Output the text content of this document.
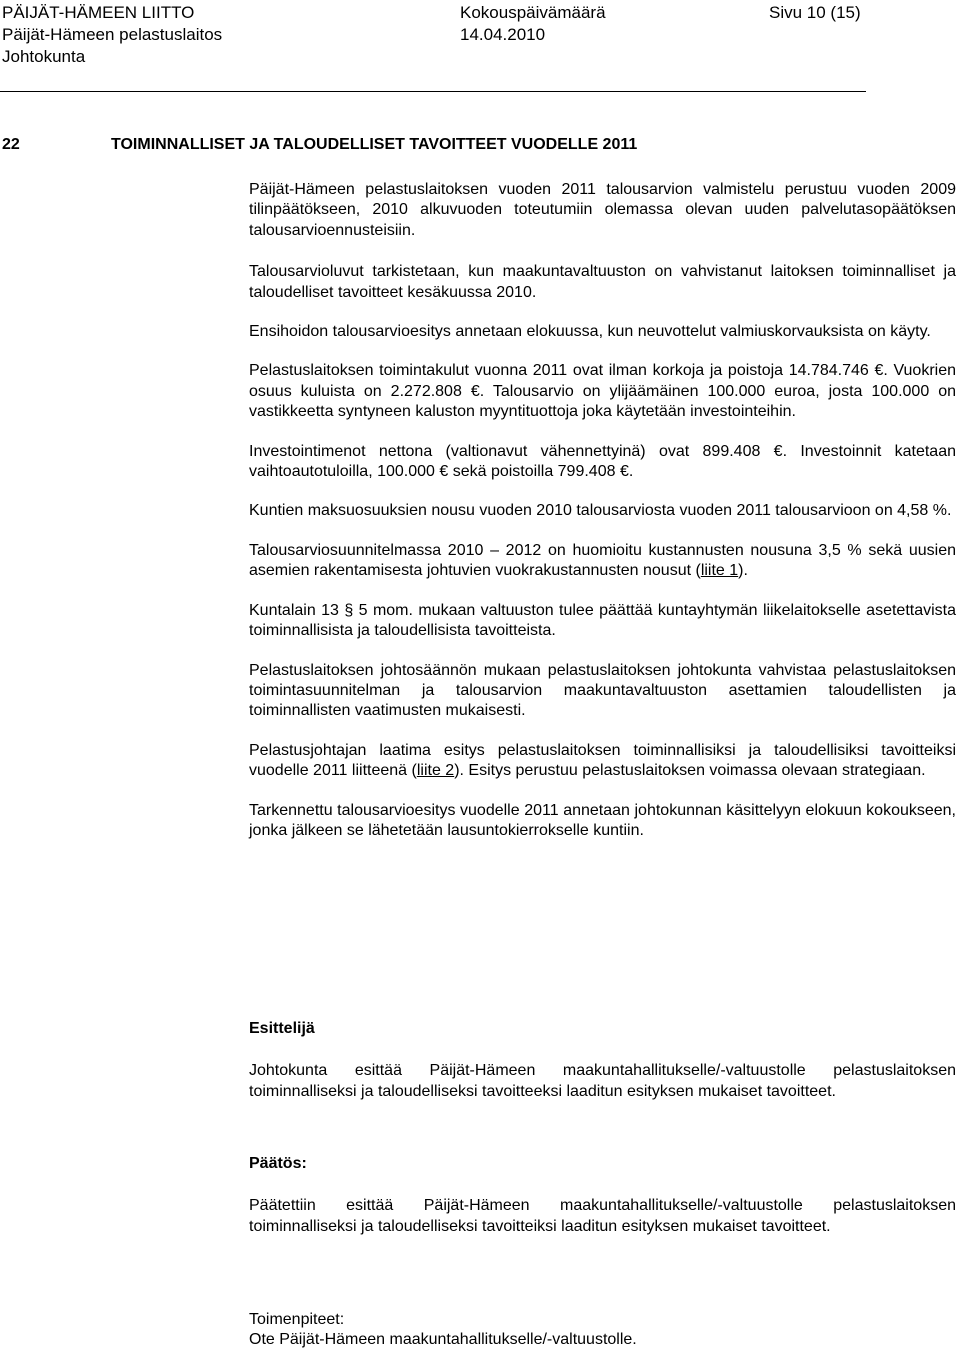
PÄIJÄT-HÄMEEN LIITTO
Päijät-Hämeen pelastuslaitos
Johtokunta
Kokouspäivämäärä
14.04.2010
Sivu 10 (15)
22	TOIMINNALLISET JA TALOUDELLISET TAVOITTEET VUODELLE 2011

Päijät-Hämeen pelastuslaitoksen vuoden 2011 talousarvion valmistelu perustuu vuoden 2009 tilinpäätökseen, 2010 alkuvuoden toteutumiin olemassa olevan uuden palvelutasopäätöksen talousarvioennusteisiin.

Talousarvioluvut tarkistetaan, kun maakuntavaltuuston on vahvistanut laitoksen toiminnalliset ja taloudelliset tavoitteet kesäkuussa 2010.

Ensihoidon talousarvioesitys annetaan elokuussa, kun neuvottelut valmiuskorvauksista on käyty.

Pelastuslaitoksen toimintakulut vuonna 2011 ovat ilman korkoja ja poistoja 14.784.746 €. Vuokrien osuus kuluista on 2.272.808 €. Talousarvio on ylijäämäinen 100.000 euroa, josta 100.000 on vastikkeetta syntyneen kaluston myyntituottoja joka käytetään investointeihin.

Investointimenot nettona (valtionavut vähennettyinä) ovat 899.408 €. Investoinnit katetaan vaihtoautotuloilla, 100.000 € sekä poistoilla 799.408 €.

Kuntien maksuosuuksien nousu vuoden 2010 talousarviosta vuoden 2011 talousarvioon on 4,58 %.

Talousarviosuunnitelmassa 2010 – 2012 on huomioitu kustannusten nousuna 3,5 % sekä uusien asemien rakentamisesta johtuvien vuokrakustannusten nousut (liite 1).

Kuntalain 13 § 5 mom. mukaan valtuuston tulee päättää kuntayhtymän liikelaitokselle asetettavista toiminnallisista ja taloudellisista tavoitteista.

Pelastuslaitoksen johtosäännön mukaan pelastuslaitoksen johtokunta vahvistaa pelastuslaitoksen toimintasuunnitelman ja talousarvion maakuntavaltuuston asettamien taloudellisten ja toiminnallisten vaatimusten mukaisesti.

Pelastusjohtajan laatima esitys pelastuslaitoksen toiminnallisiksi ja taloudellisiksi tavoitteiksi vuodelle 2011 liitteenä (liite 2). Esitys perustuu pelastuslaitoksen voimassa olevaan strategiaan.

Tarkennettu talousarvioesitys vuodelle 2011 annetaan johtokunnan käsittelyyn elokuun kokoukseen, jonka jälkeen se lähetetään lausuntokierrokselle kuntiin.

Esittelijä

Johtokunta esittää Päijät-Hämeen maakuntahallitukselle/-valtuustolle pelastuslaitoksen toiminnalliseksi ja taloudelliseksi tavoitteeksi laaditun esityksen mukaiset tavoitteet.

Päätös:

Päätettiin esittää Päijät-Hämeen maakuntahallitukselle/-valtuustolle pelastuslaitoksen toiminnalliseksi ja taloudelliseksi tavoitteiksi laaditun esityksen mukaiset tavoitteet.

Toimenpiteet:

Ote Päijät-Hämeen maakuntahallitukselle/-valtuustolle.
